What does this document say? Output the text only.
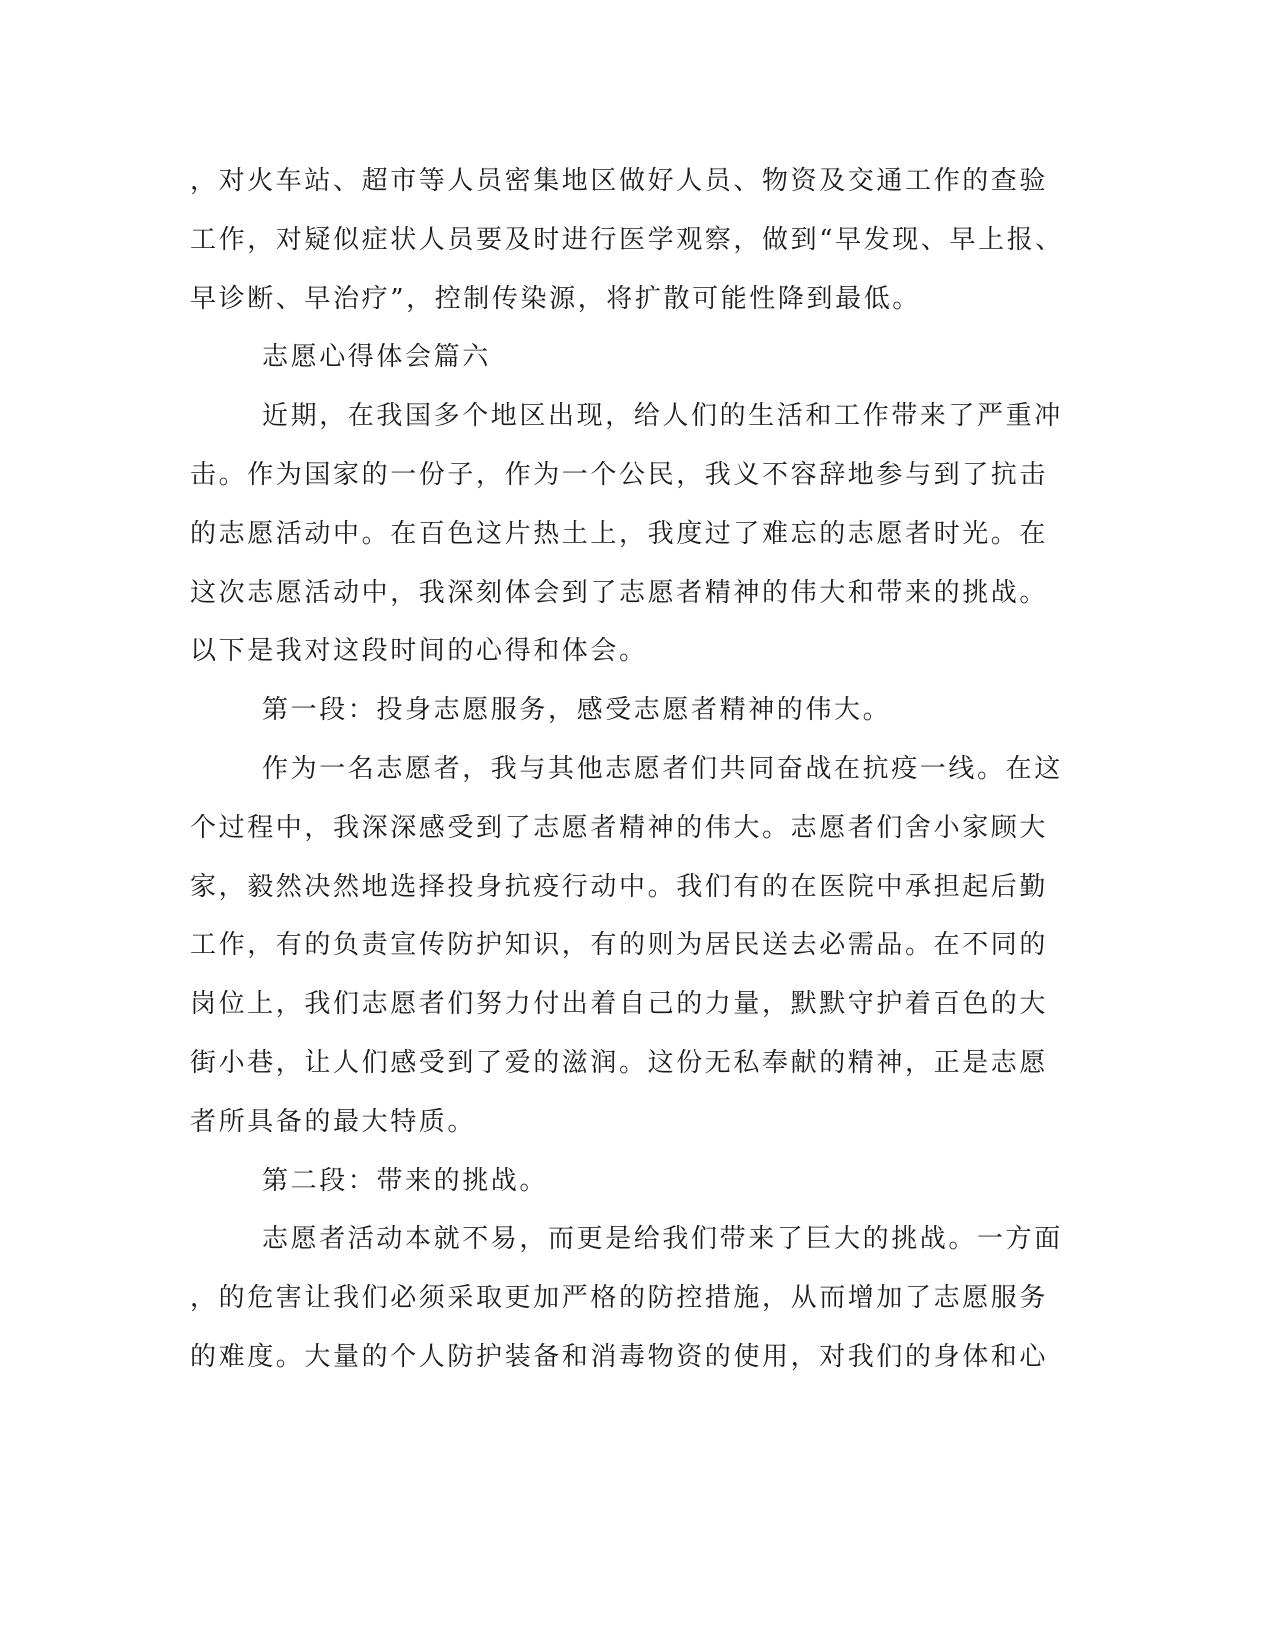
，对火车站、超市等人员密集地区做好人员、物资及交通工作的查验
工作，对疑似症状人员要及时进行医学观察，做到“早发现、早上报、
早诊断、早治疗”，控制传染源，将扩散可能性降到最低。
志愿心得体会篇六
近期，在我国多个地区出现，给人们的生活和工作带来了严重冲
击。作为国家的一份子，作为一个公民，我义不容辞地参与到了抗击
的志愿活动中。在百色这片热土上，我度过了难忘的志愿者时光。在
这次志愿活动中，我深刻体会到了志愿者精神的伟大和带来的挑战。
以下是我对这段时间的心得和体会。
第一段：投身志愿服务，感受志愿者精神的伟大。
作为一名志愿者，我与其他志愿者们共同奋战在抗疫一线。在这
个过程中，我深深感受到了志愿者精神的伟大。志愿者们舍小家顾大
家，毅然决然地选择投身抗疫行动中。我们有的在医院中承担起后勤
工作，有的负责宣传防护知识，有的则为居民送去必需品。在不同的
岗位上，我们志愿者们努力付出着自己的力量，默默守护着百色的大
街小巷，让人们感受到了爱的滋润。这份无私奉献的精神，正是志愿
者所具备的最大特质。
第二段：带来的挑战。
志愿者活动本就不易，而更是给我们带来了巨大的挑战。一方面
，的危害让我们必须采取更加严格的防控措施，从而增加了志愿服务
的难度。大量的个人防护装备和消毒物资的使用，对我们的身体和心
